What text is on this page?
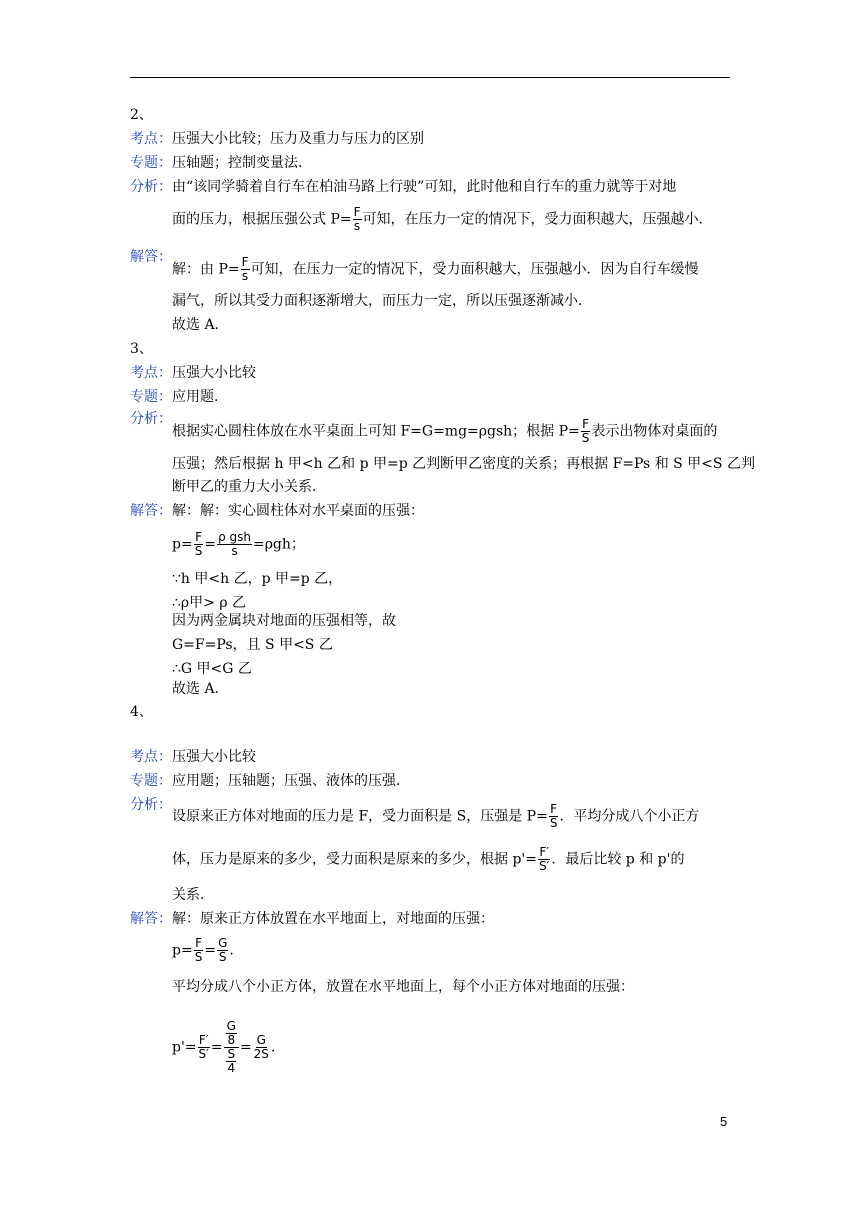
2、
考点：压强大小比较；压力及重力与压力的区别
专题：压轴题；控制变量法．
分析：由“该同学骑着自行车在柏油马路上行驶”可知，此时他和自行车的重力就等于对地
面的压力，根据压强公式 $P= \frac{F}{s}$ 可知，在压力一定的情况下，受力面积越大，压强越小．
解答：
解：由 $P= \frac{F}{s}$ 可知，在压力一定的情况下，受力面积越大，压强越小．因为自行车缓慢
漏气，所以其受力面积逐渐增大，而压力一定，所以压强逐渐减小．
故选 A．
3、
考点：压强大小比较
专题：应用题．
分析：
根据实心圆柱体放在水平桌面上可知 F=G=mg=ρgsh；根据 $P= \frac{F}{S}$ 表示出物体对桌面的
压强；然后根据 h 甲<h 乙和 p 甲=p 乙判断甲乙密度的关系；再根据 F=Ps 和 S 甲<S 乙判
断甲乙的重力大小关系．
解答：解：解：实心圆柱体对水平桌面的压强：
$p= \frac{F}{S} = \frac{\text{ρ gsh}}{s} =\rho gh$；
∵h 甲<h 乙，p 甲=p 乙，
∴ρ甲> ρ 乙
因为两金属块对地面的压强相等，故
G=F=Ps，且 S 甲<S 乙
∴G 甲<G 乙
故选 A．
4、
考点：压强大小比较
专题：应用题；压轴题；压强、液体的压强．
分析：
设原来正方体对地面的压力是 F，受力面积是 S，压强是 $P= \frac{F}{S}$ ．平均分成八个小正方
体，压力是原来的多少，受力面积是原来的多少，根据 $p'= \frac{F'}{S'}$ ．最后比较 p 和 p'的
关系．
解答：解：原来正方体放置在水平地面上，对地面的压强：
$p= \frac{F}{S} = \frac{G}{S}$ ．
平均分成八个小正方体，放置在水平地面上，每个小正方体对地面的压强：
$p'= \frac{F'}{S'} = \frac{\frac{G}{8}}{\frac{S}{4}} = \frac{G}{2S}$ ．
5
